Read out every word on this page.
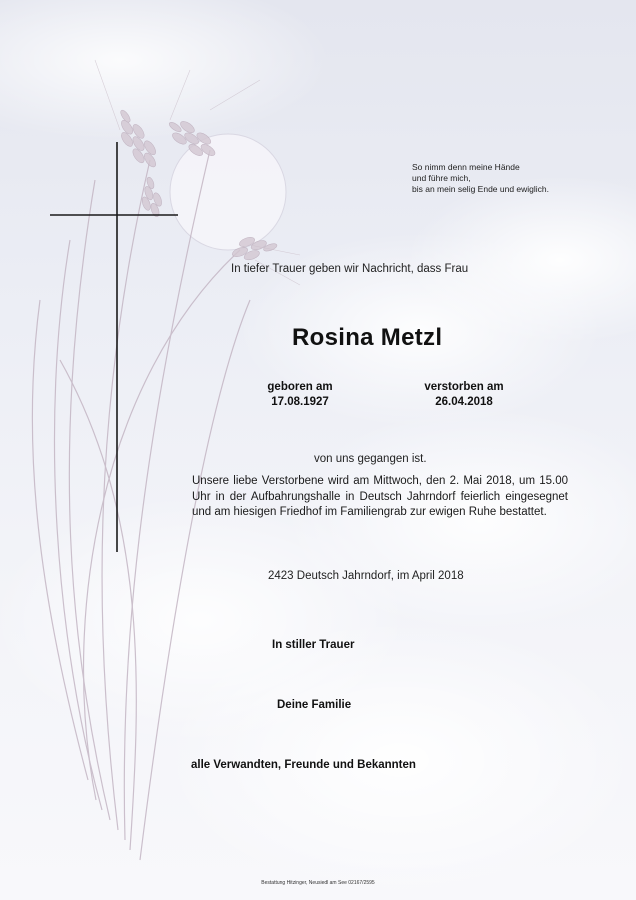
So nimm denn meine Hände
und führe mich,
bis an mein selig Ende und ewiglich.
In tiefer Trauer geben wir Nachricht, dass Frau
Rosina Metzl
geboren am
17.08.1927
verstorben am
26.04.2018
von uns gegangen ist.
Unsere liebe Verstorbene wird am Mittwoch, den 2. Mai 2018, um 15.00 Uhr in der Aufbahrungshalle in Deutsch Jahrndorf feierlich eingesegnet und am hiesigen Friedhof im Familiengrab zur ewigen Ruhe bestattet.
2423 Deutsch Jahrndorf, im April 2018
In stiller Trauer
Deine Familie
alle Verwandten, Freunde und Bekannten
Bestattung Hitzinger, Neusiedl am See 02167/2595
